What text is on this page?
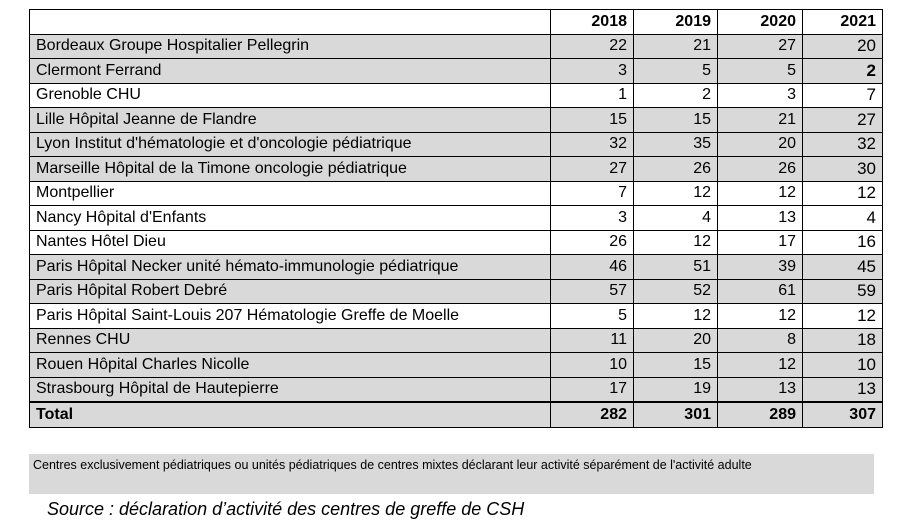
	2018	2019	2020	2021
Bordeaux Groupe Hospitalier Pellegrin	22	21	27	20
Clermont Ferrand	3	5	5	2
Grenoble CHU	1	2	3	7
Lille Hôpital Jeanne de Flandre	15	15	21	27
Lyon Institut d'hématologie et d'oncologie pédiatrique	32	35	20	32
Marseille Hôpital de la Timone oncologie pédiatrique	27	26	26	30
Montpellier	7	12	12	12
Nancy Hôpital d'Enfants	3	4	13	4
Nantes Hôtel Dieu	26	12	17	16
Paris Hôpital Necker unité hémato-immunologie pédiatrique	46	51	39	45
Paris Hôpital Robert Debré	57	52	61	59
Paris Hôpital Saint-Louis 207 Hématologie Greffe de Moelle	5	12	12	12
Rennes CHU	11	20	8	18
Rouen Hôpital Charles Nicolle	10	15	12	10
Strasbourg Hôpital de Hautepierre	17	19	13	13
Total	282	301	289	307
Centres exclusivement pédiatriques ou unités pédiatriques de centres mixtes déclarant leur activité séparément de l'activité adulte
Source : déclaration d’activité des centres de greffe de CSH
